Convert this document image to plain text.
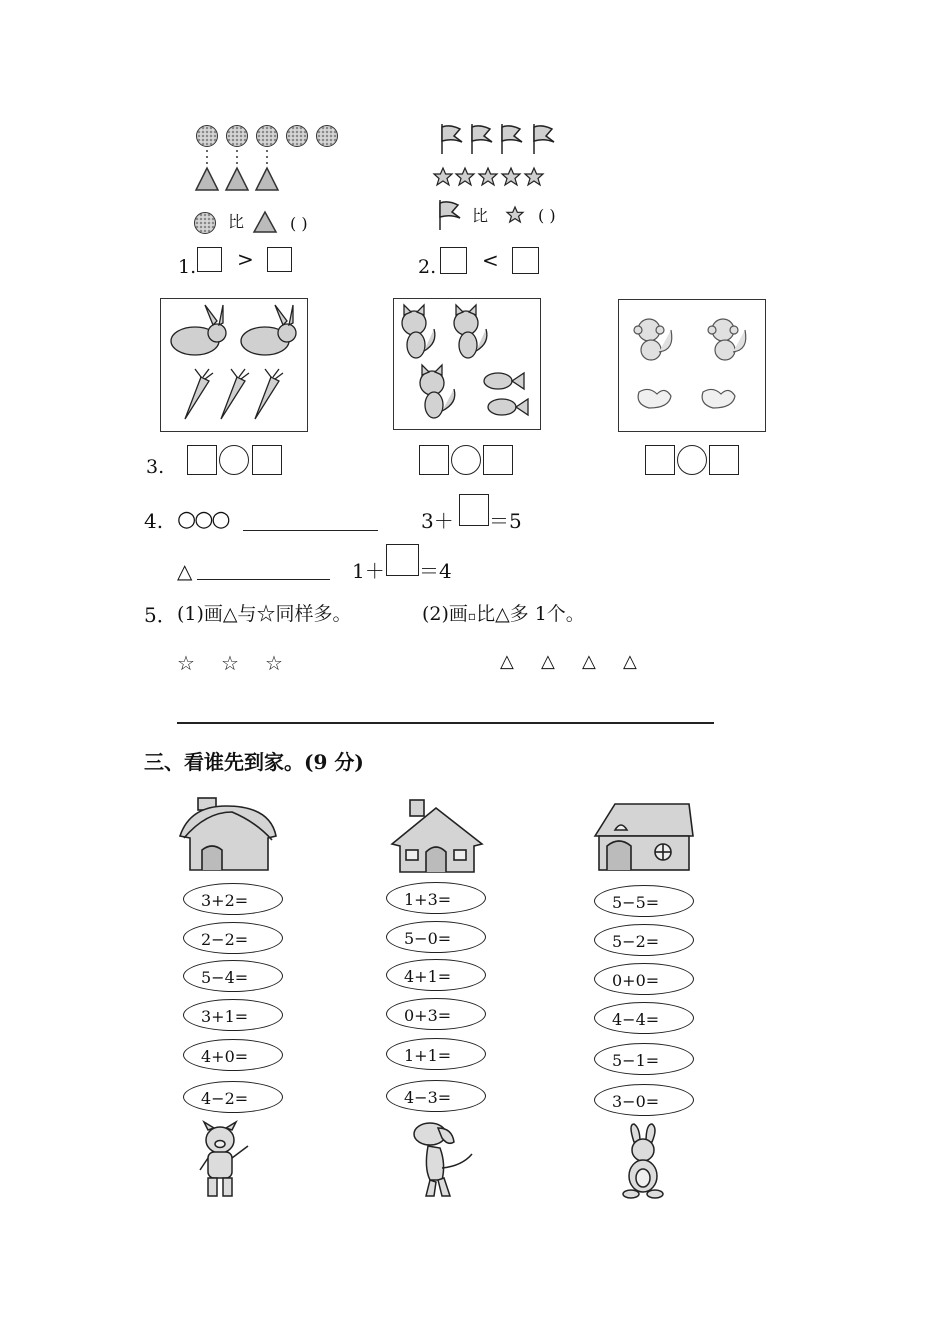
比	( )
1. >
比	( )
2. <
3.
4. ○○○	3＋ ＝5
△	1＋ ＝4
5． (1)画△与☆同样多。	(2)画▫比△多 1个。
☆ ☆ ☆	△ △ △ △
三、看谁先到家。(9 分)
3+2=
2−2=
5−4=
3+1=
4+0=
4−2=
1+3=
5−0=
4+1=
0+3=
1+1=
4−3=
5−5=
5−2=
0+0=
4−4=
5−1=
3−0=
